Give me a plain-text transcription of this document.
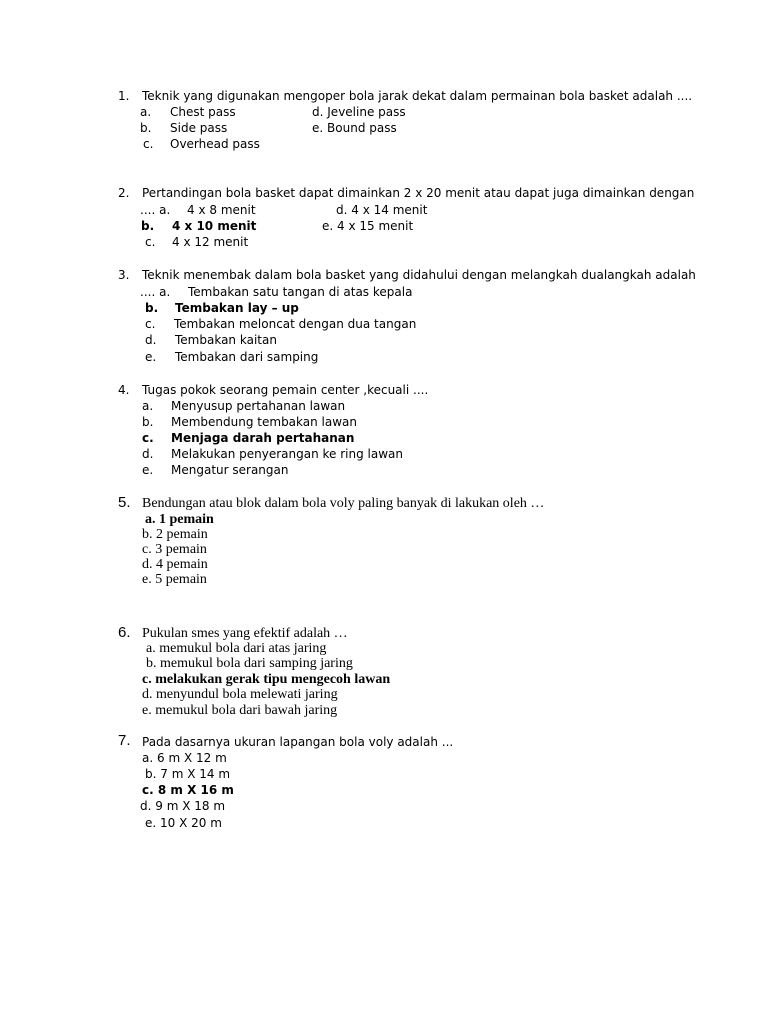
1. Teknik yang digunakan mengoper bola jarak dekat dalam permainan bola basket adalah ....
a. Chest pass
b. Side pass
c. Overhead pass
d. Jeveline pass
e. Bound pass
2. Pertandingan bola basket dapat dimainkan 2 x 20 menit atau dapat juga dimainkan dengan
.... a. 4 x 8 menit
b. 4 x 10 menit
c. 4 x 12 menit
d. 4 x 14 menit
e. 4 x 15 menit
3. Teknik menembak dalam bola basket yang didahului dengan melangkah dualangkah adalah
.... a. Tembakan satu tangan di atas kepala
b. Tembakan lay – up
c. Tembakan meloncat dengan dua tangan
d. Tembakan kaitan
e. Tembakan dari samping
4. Tugas pokok seorang pemain center ,kecuali ....
a. Menyusup pertahanan lawan
b. Membendung tembakan lawan
c. Menjaga darah pertahanan
d. Melakukan penyerangan ke ring lawan
e. Mengatur serangan
5. Bendungan atau blok dalam bola voly paling banyak di lakukan oleh …
a. 1 pemain
b. 2 pemain
c. 3 pemain
d. 4 pemain
e. 5 pemain
6. Pukulan smes yang efektif adalah …
a. memukul bola dari atas jaring
b. memukul bola dari samping jaring
c. melakukan gerak tipu mengecoh lawan
d. menyundul bola melewati jaring
e. memukul bola dari bawah jaring
7. Pada dasarnya ukuran lapangan bola voly adalah ...
a. 6 m X 12 m
b. 7 m X 14 m
c. 8 m X 16 m
d. 9 m X 18 m
e. 10 X 20 m
